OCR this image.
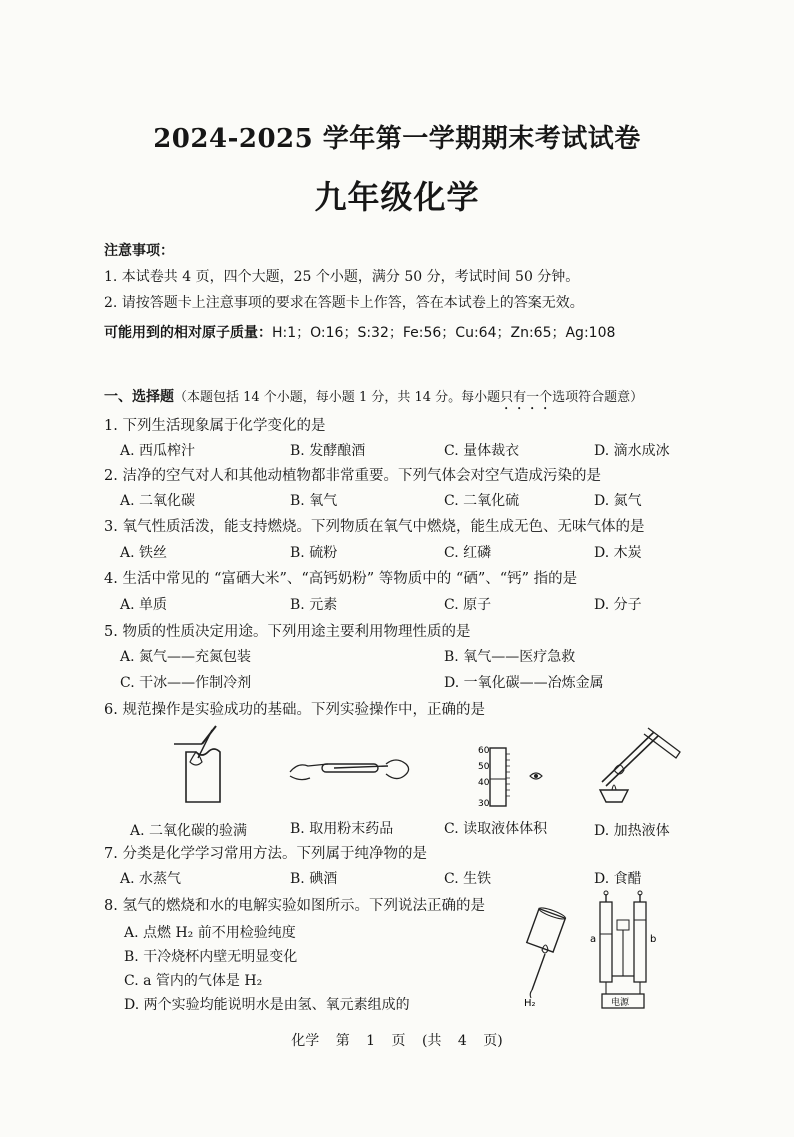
2024-2025 学年第一学期期末考试试卷
九年级化学
注意事项：
1. 本试卷共 4 页，四个大题，25 个小题，满分 50 分，考试时间 50 分钟。
2. 请按答题卡上注意事项的要求在答题卡上作答，答在本试卷上的答案无效。
可能用到的相对原子质量：H:1；O:16；S:32；Fe:56；Cu:64；Zn:65；Ag:108
一、选择题（本题包括 14 个小题，每小题 1 分，共 14 分。每小题只有一个选项符合题意）
1. 下列生活现象属于化学变化的是
A. 西瓜榨汁	B. 发酵酿酒	C. 量体裁衣	D. 滴水成冰
2. 洁净的空气对人和其他动植物都非常重要。下列气体会对空气造成污染的是
A. 二氧化碳	B. 氧气	C. 二氧化硫	D. 氮气
3. 氧气性质活泼，能支持燃烧。下列物质在氧气中燃烧，能生成无色、无味气体的是
A. 铁丝	B. 硫粉	C. 红磷	D. 木炭
4. 生活中常见的 “富硒大米”、“高钙奶粉” 等物质中的 “硒”、“钙” 指的是
A. 单质	B. 元素	C. 原子	D. 分子
5. 物质的性质决定用途。下列用途主要利用物理性质的是
A. 氮气——充氮包装	B. 氧气——医疗急救
C. 干冰——作制冷剂	D. 一氧化碳——冶炼金属
6. 规范操作是实验成功的基础。下列实验操作中，正确的是
60
50
40
30
A. 二氧化碳的验满	B. 取用粉末药品	C. 读取液体体积	D. 加热液体
7. 分类是化学学习常用方法。下列属于纯净物的是
A. 水蒸气	B. 碘酒	C. 生铁	D. 食醋
8. 氢气的燃烧和水的电解实验如图所示。下列说法正确的是
A. 点燃 H₂ 前不用检验纯度
B. 干冷烧杯内壁无明显变化
C. a 管内的气体是 H₂
D. 两个实验均能说明水是由氢、氧元素组成的	H₂
a	b
电源
化学 第 1 页 (共 4 页)
